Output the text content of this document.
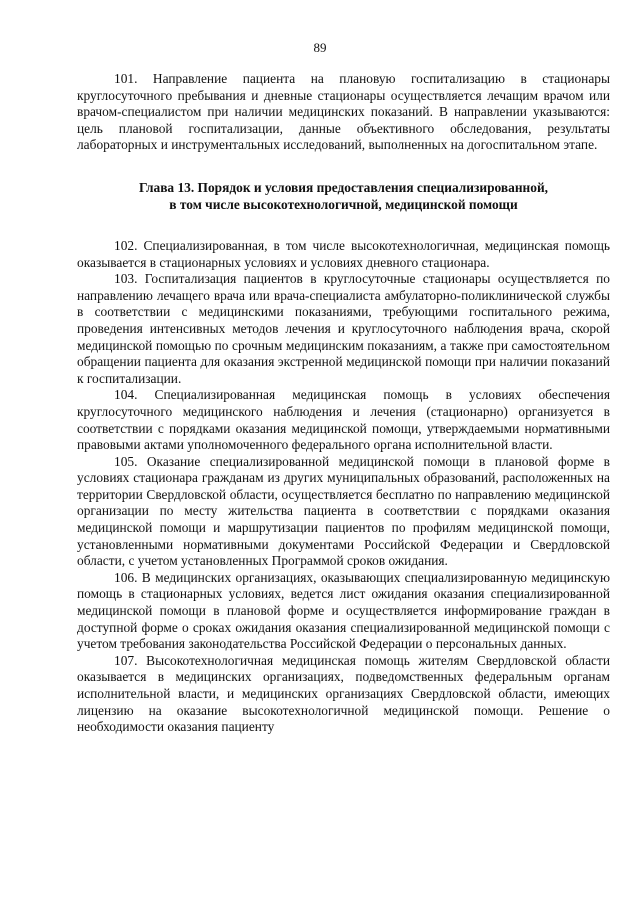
89

101. Направление пациента на плановую госпитализацию в стационары круглосуточного пребывания и дневные стационары осуществляется лечащим врачом или врачом-специалистом при наличии медицинских показаний. В направлении указываются: цель плановой госпитализации, данные объективного обследования, результаты лабораторных и инструментальных исследований, выполненных на догоспитальном этапе.

Глава 13. Порядок и условия предоставления специализированной,
в том числе высокотехнологичной, медицинской помощи

102. Специализированная, в том числе высокотехнологичная, медицинская помощь оказывается в стационарных условиях и условиях дневного стационара.

103. Госпитализация пациентов в круглосуточные стационары осуществляется по направлению лечащего врача или врача-специалиста амбулаторно-поликлинической службы в соответствии с медицинскими показаниями, требующими госпитального режима, проведения интенсивных методов лечения и круглосуточного наблюдения врача, скорой медицинской помощью по срочным медицинским показаниям, а также при самостоятельном обращении пациента для оказания экстренной медицинской помощи при наличии показаний к госпитализации.

104. Специализированная медицинская помощь в условиях обеспечения круглосуточного медицинского наблюдения и лечения (стационарно) организуется в соответствии с порядками оказания медицинской помощи, утверждаемыми нормативными правовыми актами уполномоченного федерального органа исполнительной власти.

105. Оказание специализированной медицинской помощи в плановой форме в условиях стационара гражданам из других муниципальных образований, расположенных на территории Свердловской области, осуществляется бесплатно по направлению медицинской организации по месту жительства пациента в соответствии с порядками оказания медицинской помощи и маршрутизации пациентов по профилям медицинской помощи, установленными нормативными документами Российской Федерации и Свердловской области, с учетом установленных Программой сроков ожидания.

106. В медицинских организациях, оказывающих специализированную медицинскую помощь в стационарных условиях, ведется лист ожидания оказания специализированной медицинской помощи в плановой форме и осуществляется информирование граждан в доступной форме о сроках ожидания оказания специализированной медицинской помощи с учетом требования законодательства Российской Федерации о персональных данных.

107. Высокотехнологичная медицинская помощь жителям Свердловской области оказывается в медицинских организациях, подведомственных федеральным органам исполнительной власти, и медицинских организациях Свердловской области, имеющих лицензию на оказание высокотехнологичной медицинской помощи. Решение о необходимости оказания пациенту
